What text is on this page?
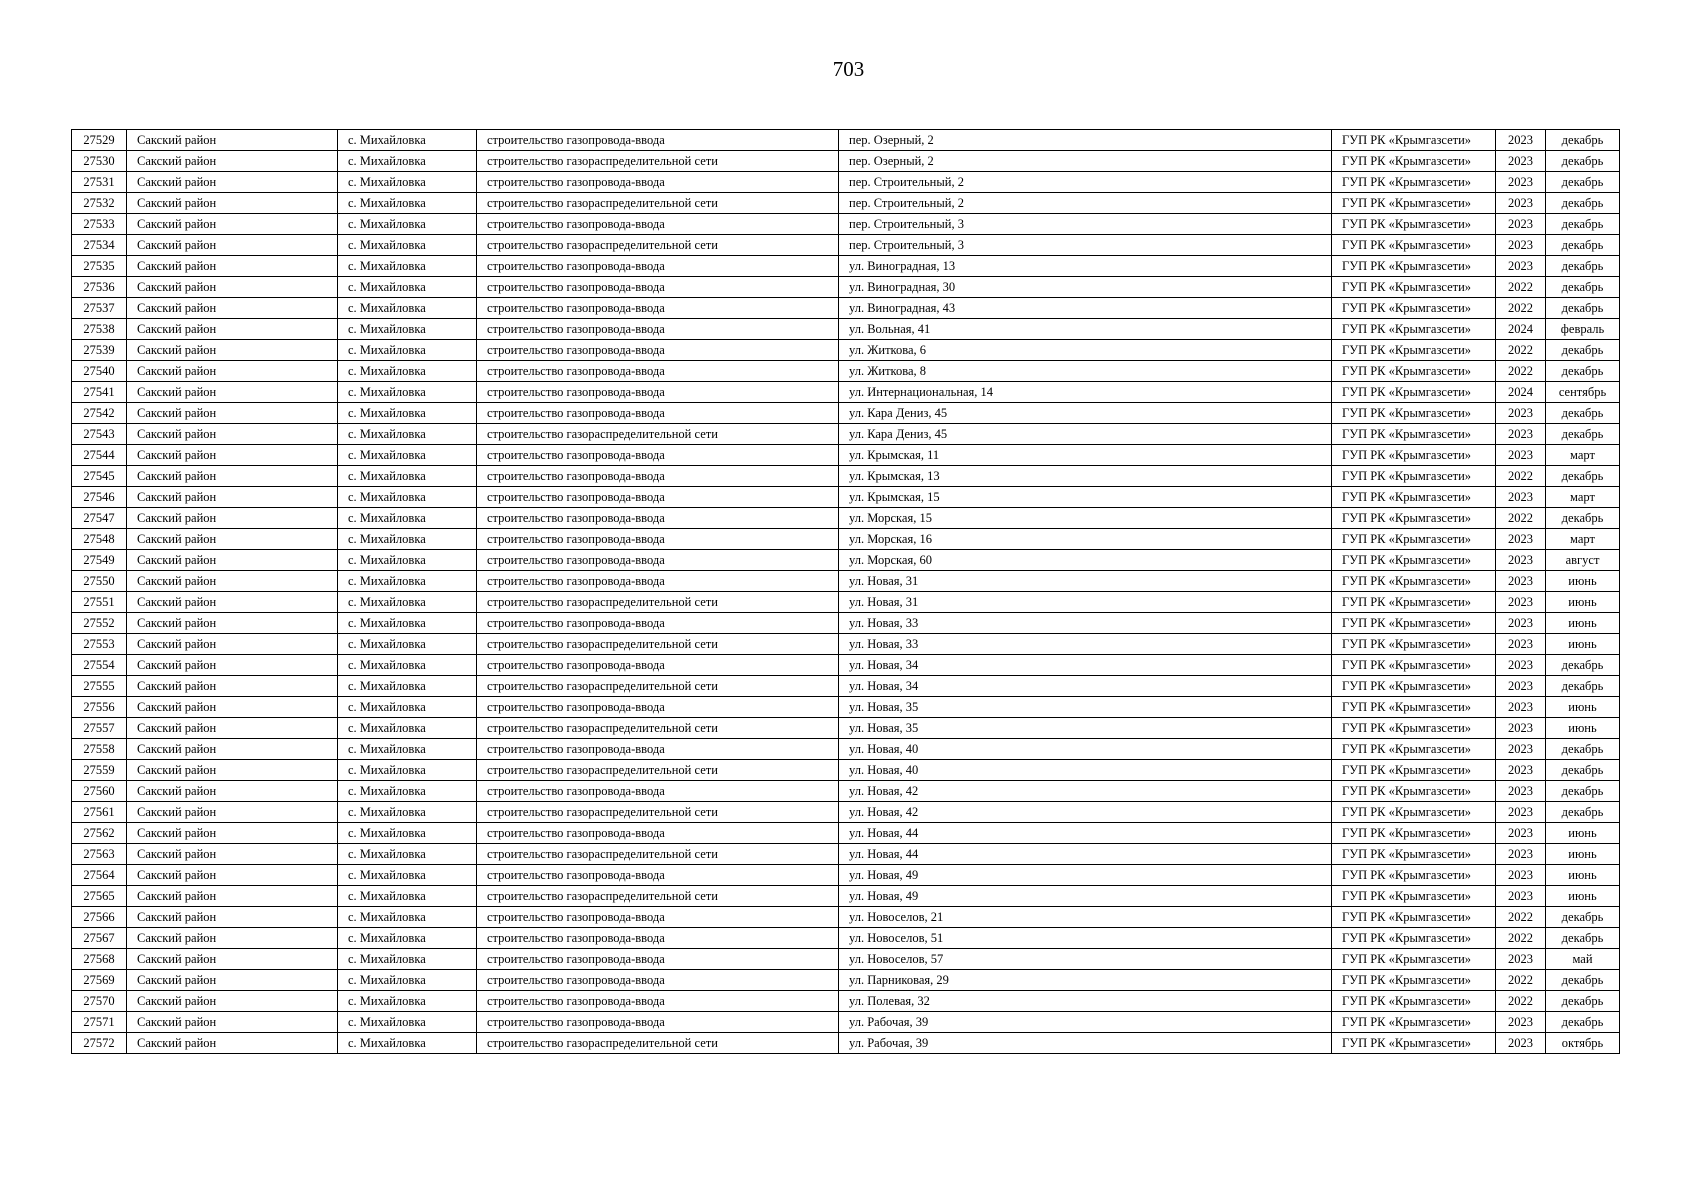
703
27529	Сакский район	с. Михайловка	строительство газопровода-ввода	пер. Озерный, 2	ГУП РК «Крымгазсети»	2023	декабрь
27530	Сакский район	с. Михайловка	строительство газораспределительной сети	пер. Озерный, 2	ГУП РК «Крымгазсети»	2023	декабрь
27531	Сакский район	с. Михайловка	строительство газопровода-ввода	пер. Строительный, 2	ГУП РК «Крымгазсети»	2023	декабрь
27532	Сакский район	с. Михайловка	строительство газораспределительной сети	пер. Строительный, 2	ГУП РК «Крымгазсети»	2023	декабрь
27533	Сакский район	с. Михайловка	строительство газопровода-ввода	пер. Строительный, 3	ГУП РК «Крымгазсети»	2023	декабрь
27534	Сакский район	с. Михайловка	строительство газораспределительной сети	пер. Строительный, 3	ГУП РК «Крымгазсети»	2023	декабрь
27535	Сакский район	с. Михайловка	строительство газопровода-ввода	ул. Виноградная, 13	ГУП РК «Крымгазсети»	2023	декабрь
27536	Сакский район	с. Михайловка	строительство газопровода-ввода	ул. Виноградная, 30	ГУП РК «Крымгазсети»	2022	декабрь
27537	Сакский район	с. Михайловка	строительство газопровода-ввода	ул. Виноградная, 43	ГУП РК «Крымгазсети»	2022	декабрь
27538	Сакский район	с. Михайловка	строительство газопровода-ввода	ул. Вольная, 41	ГУП РК «Крымгазсети»	2024	февраль
27539	Сакский район	с. Михайловка	строительство газопровода-ввода	ул. Житкова, 6	ГУП РК «Крымгазсети»	2022	декабрь
27540	Сакский район	с. Михайловка	строительство газопровода-ввода	ул. Житкова, 8	ГУП РК «Крымгазсети»	2022	декабрь
27541	Сакский район	с. Михайловка	строительство газопровода-ввода	ул. Интернациональная, 14	ГУП РК «Крымгазсети»	2024	сентябрь
27542	Сакский район	с. Михайловка	строительство газопровода-ввода	ул. Кара Дениз, 45	ГУП РК «Крымгазсети»	2023	декабрь
27543	Сакский район	с. Михайловка	строительство газораспределительной сети	ул. Кара Дениз, 45	ГУП РК «Крымгазсети»	2023	декабрь
27544	Сакский район	с. Михайловка	строительство газопровода-ввода	ул. Крымская, 11	ГУП РК «Крымгазсети»	2023	март
27545	Сакский район	с. Михайловка	строительство газопровода-ввода	ул. Крымская, 13	ГУП РК «Крымгазсети»	2022	декабрь
27546	Сакский район	с. Михайловка	строительство газопровода-ввода	ул. Крымская, 15	ГУП РК «Крымгазсети»	2023	март
27547	Сакский район	с. Михайловка	строительство газопровода-ввода	ул. Морская, 15	ГУП РК «Крымгазсети»	2022	декабрь
27548	Сакский район	с. Михайловка	строительство газопровода-ввода	ул. Морская, 16	ГУП РК «Крымгазсети»	2023	март
27549	Сакский район	с. Михайловка	строительство газопровода-ввода	ул. Морская, 60	ГУП РК «Крымгазсети»	2023	август
27550	Сакский район	с. Михайловка	строительство газопровода-ввода	ул. Новая, 31	ГУП РК «Крымгазсети»	2023	июнь
27551	Сакский район	с. Михайловка	строительство газораспределительной сети	ул. Новая, 31	ГУП РК «Крымгазсети»	2023	июнь
27552	Сакский район	с. Михайловка	строительство газопровода-ввода	ул. Новая, 33	ГУП РК «Крымгазсети»	2023	июнь
27553	Сакский район	с. Михайловка	строительство газораспределительной сети	ул. Новая, 33	ГУП РК «Крымгазсети»	2023	июнь
27554	Сакский район	с. Михайловка	строительство газопровода-ввода	ул. Новая, 34	ГУП РК «Крымгазсети»	2023	декабрь
27555	Сакский район	с. Михайловка	строительство газораспределительной сети	ул. Новая, 34	ГУП РК «Крымгазсети»	2023	декабрь
27556	Сакский район	с. Михайловка	строительство газопровода-ввода	ул. Новая, 35	ГУП РК «Крымгазсети»	2023	июнь
27557	Сакский район	с. Михайловка	строительство газораспределительной сети	ул. Новая, 35	ГУП РК «Крымгазсети»	2023	июнь
27558	Сакский район	с. Михайловка	строительство газопровода-ввода	ул. Новая, 40	ГУП РК «Крымгазсети»	2023	декабрь
27559	Сакский район	с. Михайловка	строительство газораспределительной сети	ул. Новая, 40	ГУП РК «Крымгазсети»	2023	декабрь
27560	Сакский район	с. Михайловка	строительство газопровода-ввода	ул. Новая, 42	ГУП РК «Крымгазсети»	2023	декабрь
27561	Сакский район	с. Михайловка	строительство газораспределительной сети	ул. Новая, 42	ГУП РК «Крымгазсети»	2023	декабрь
27562	Сакский район	с. Михайловка	строительство газопровода-ввода	ул. Новая, 44	ГУП РК «Крымгазсети»	2023	июнь
27563	Сакский район	с. Михайловка	строительство газораспределительной сети	ул. Новая, 44	ГУП РК «Крымгазсети»	2023	июнь
27564	Сакский район	с. Михайловка	строительство газопровода-ввода	ул. Новая, 49	ГУП РК «Крымгазсети»	2023	июнь
27565	Сакский район	с. Михайловка	строительство газораспределительной сети	ул. Новая, 49	ГУП РК «Крымгазсети»	2023	июнь
27566	Сакский район	с. Михайловка	строительство газопровода-ввода	ул. Новоселов, 21	ГУП РК «Крымгазсети»	2022	декабрь
27567	Сакский район	с. Михайловка	строительство газопровода-ввода	ул. Новоселов, 51	ГУП РК «Крымгазсети»	2022	декабрь
27568	Сакский район	с. Михайловка	строительство газопровода-ввода	ул. Новоселов, 57	ГУП РК «Крымгазсети»	2023	май
27569	Сакский район	с. Михайловка	строительство газопровода-ввода	ул. Парниковая, 29	ГУП РК «Крымгазсети»	2022	декабрь
27570	Сакский район	с. Михайловка	строительство газопровода-ввода	ул. Полевая, 32	ГУП РК «Крымгазсети»	2022	декабрь
27571	Сакский район	с. Михайловка	строительство газопровода-ввода	ул. Рабочая, 39	ГУП РК «Крымгазсети»	2023	декабрь
27572	Сакский район	с. Михайловка	строительство газораспределительной сети	ул. Рабочая, 39	ГУП РК «Крымгазсети»	2023	октябрь
